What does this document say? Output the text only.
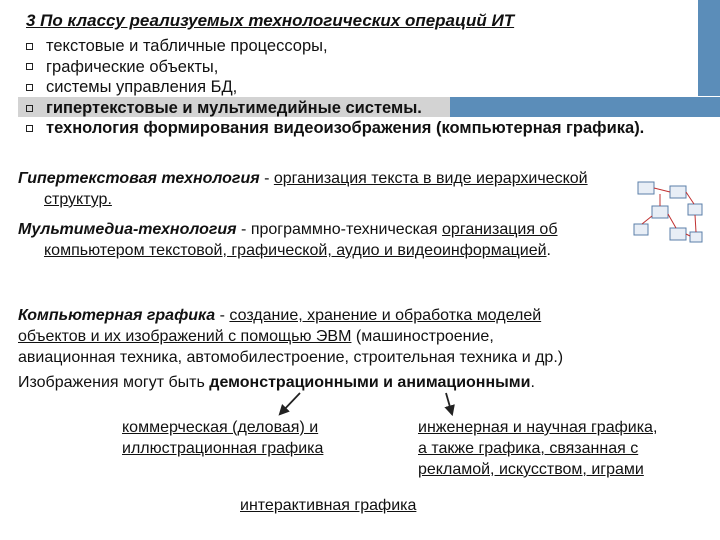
3 По классу реализуемых технологических операций ИТ
текстовые и табличные процессоры,
графические объекты,
системы управления БД,
гипертекстовые и мультимедийные системы.
технология формирования видеоизображения (компьютерная графика).
Гипертекстовая технология - организация текста в виде иерархической
структур.
Мультимедиа-технология - программно-техническая организация об
компьютером текстовой, графической, аудио и видеоинформацией.
Компьютерная графика - создание, хранение и обработка моделей
объектов и их изображений с помощью ЭВМ (машиностроение,
авиационная техника, автомобилестроение, строительная техника и др.)
Изображения могут быть демонстрационными и анимационными.
коммерческая (деловая) и
иллюстрационная графика
инженерная и научная графика,
а также графика, связанная с
рекламой, искусством, играми
интерактивная графика
